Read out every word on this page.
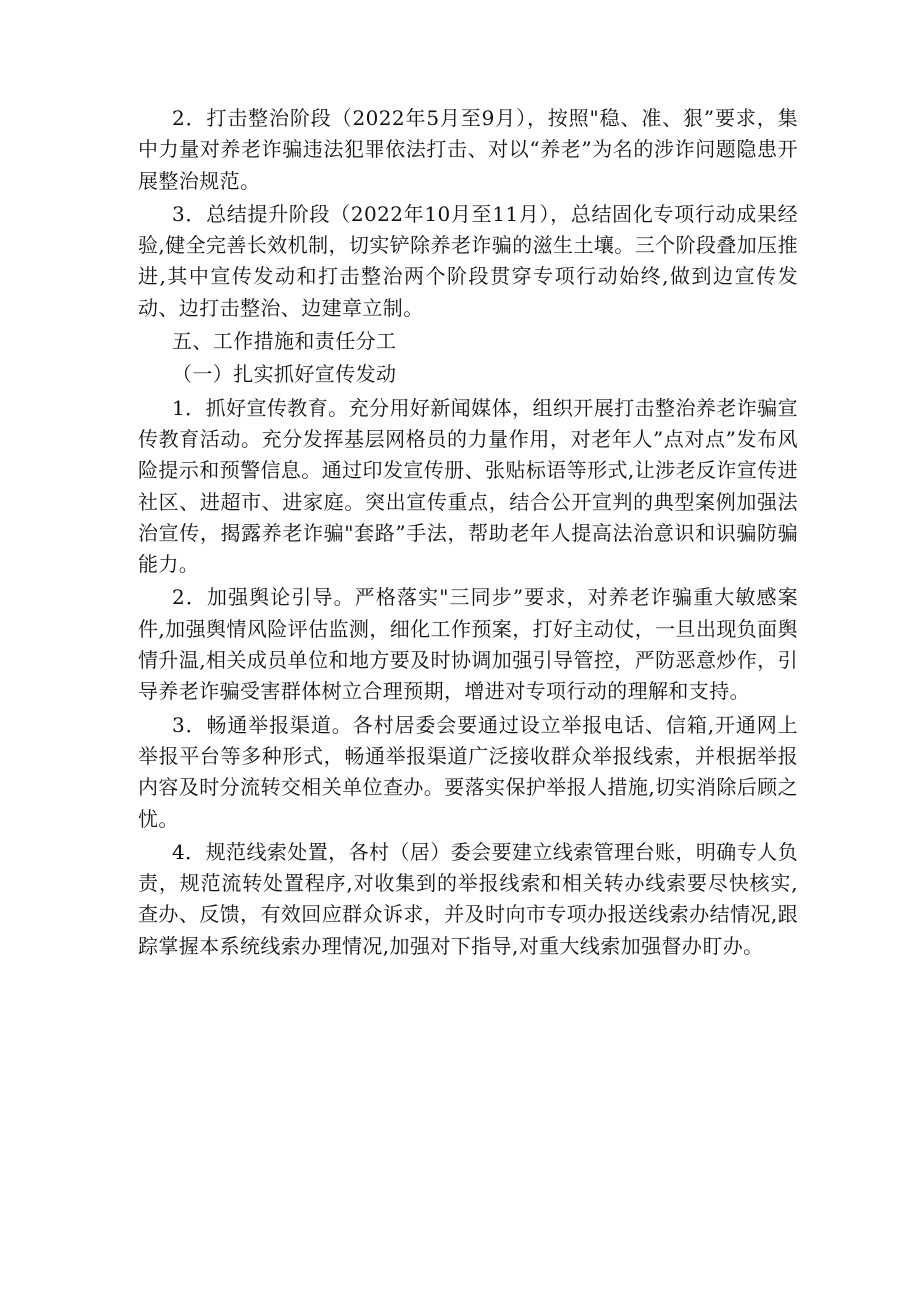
2．打击整治阶段（2022年5月至9月），按照"稳、准、狠”要求，集中力量对养老诈骗违法犯罪依法打击、对以“养老”为名的涉诈问题隐患开展整治规范。

3．总结提升阶段（2022年10月至11月），总结固化专项行动成果经验,健全完善长效机制，切实铲除养老诈骗的滋生土壤。三个阶段叠加压推进,其中宣传发动和打击整治两个阶段贯穿专项行动始终,做到边宣传发动、边打击整治、边建章立制。

五、工作措施和责任分工

（一）扎实抓好宣传发动

1．抓好宣传教育。充分用好新闻媒体，组织开展打击整治养老诈骗宣传教育活动。充分发挥基层网格员的力量作用，对老年人”点对点”发布风险提示和预警信息。通过印发宣传册、张贴标语等形式,让涉老反诈宣传进社区、进超市、进家庭。突出宣传重点，结合公开宣判的典型案例加强法治宣传，揭露养老诈骗"套路”手法，帮助老年人提高法治意识和识骗防骗能力。

2．加强舆论引导。严格落实"三同步”要求，对养老诈骗重大敏感案件,加强舆情风险评估监测，细化工作预案，打好主动仗，一旦出现负面舆情升温,相关成员单位和地方要及时协调加强引导管控，严防恶意炒作，引导养老诈骗受害群体树立合理预期，增进对专项行动的理解和支持。

3．畅通举报渠道。各村居委会要通过设立举报电话、信箱,开通网上举报平台等多种形式，畅通举报渠道广泛接收群众举报线索，并根据举报内容及时分流转交相关单位查办。要落实保护举报人措施,切实消除后顾之忧。

4．规范线索处置，各村（居）委会要建立线索管理台账，明确专人负责，规范流转处置程序,对收集到的举报线索和相关转办线索要尽快核实,查办、反馈，有效回应群众诉求，并及时向市专项办报送线索办结情况,跟踪掌握本系统线索办理情况,加强对下指导,对重大线索加强督办盯办。
